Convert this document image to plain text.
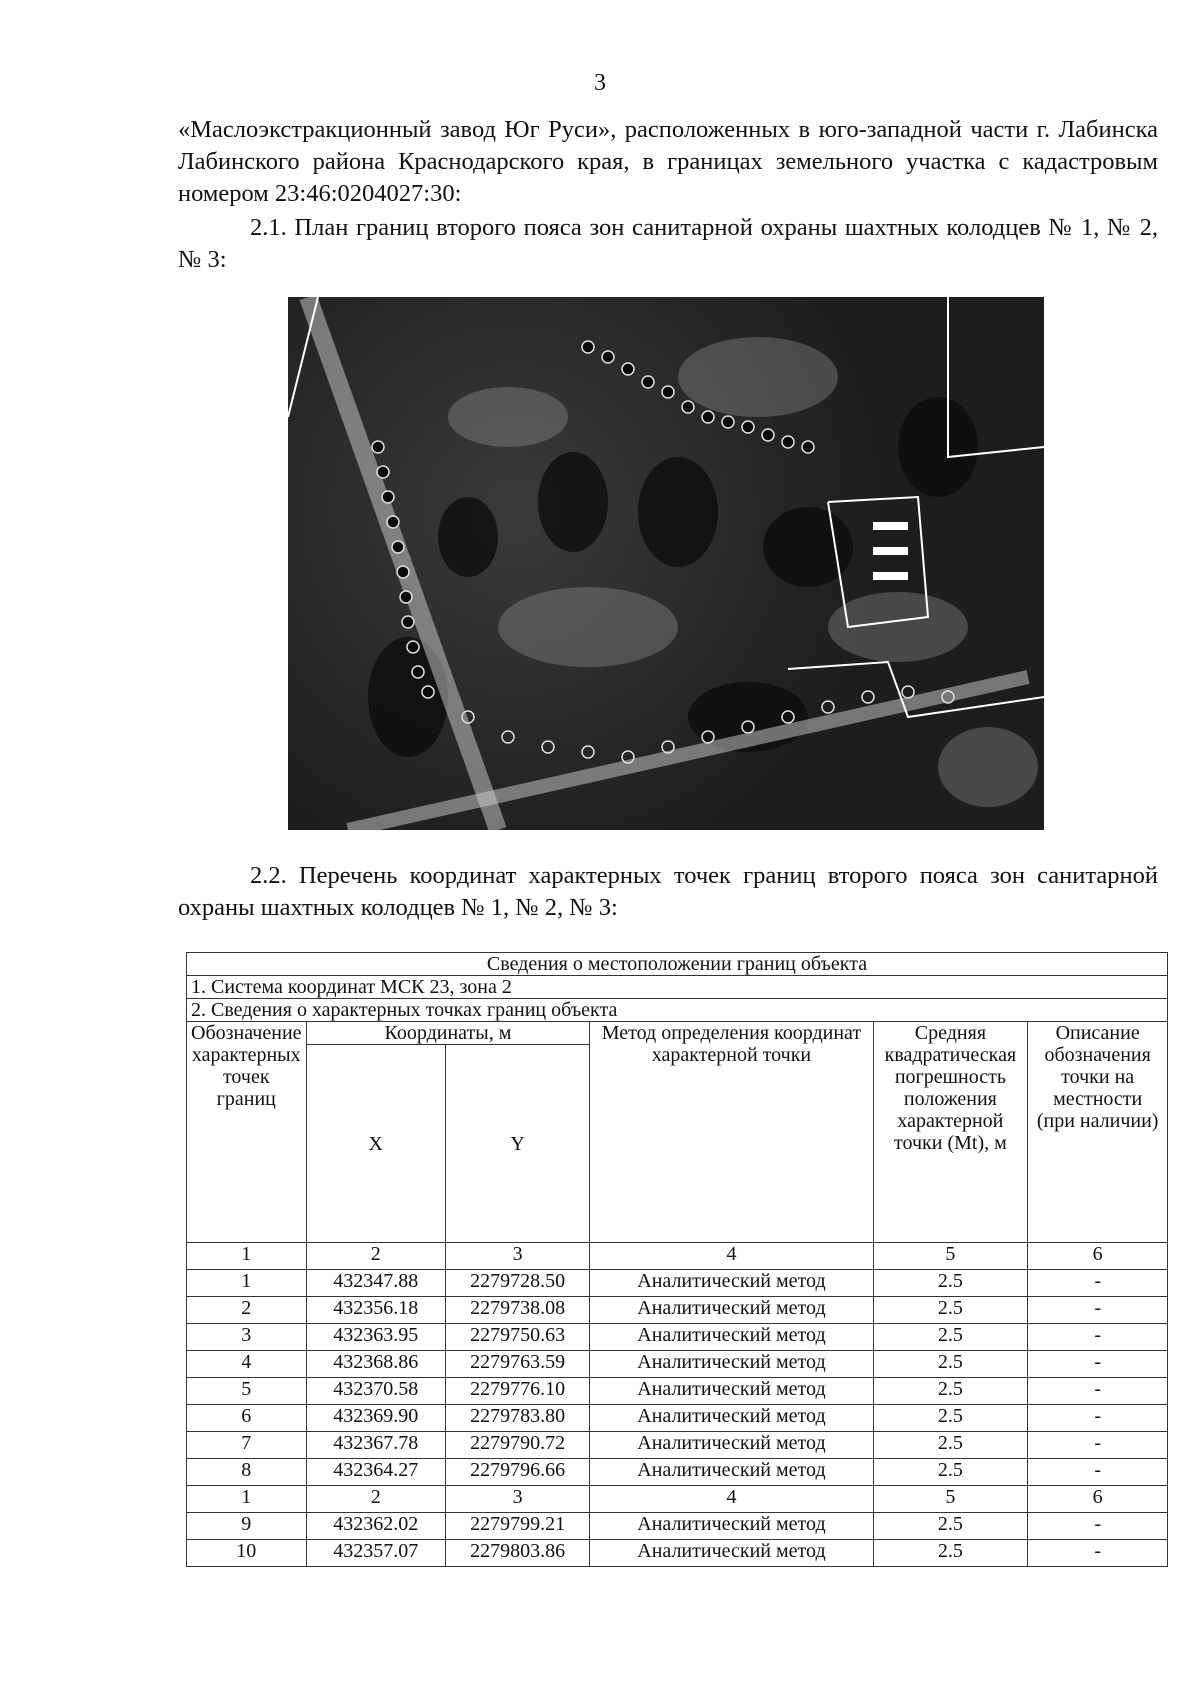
3

«Маслоэкстракционный завод Юг Руси», расположенных в юго-западной части г. Лабинска Лабинского района Краснодарского края, в границах земельного участка с кадастровым номером 23:46:0204027:30:

2.1. План границ второго пояса зон санитарной охраны шахтных колодцев № 1, № 2, № 3:

2.2. Перечень координат характерных точек границ второго пояса зон санитарной охраны шахтных колодцев № 1, № 2, № 3:

Сведения о местоположении границ объекта					
1. Система координат МСК 23, зона 2					
2. Сведения о характерных точках границ объекта					
Обозначение характерных точек границ	Координаты, м		Метод определения координат характерной точки	Средняя квадратическая погрешность положения характерной точки (Mt), м	Описание обозначения точки на местности (при наличии)
	X	Y			
1	2	3	4	5	6
1	432347.88	2279728.50	Аналитический метод	2.5	-
2	432356.18	2279738.08	Аналитический метод	2.5	-
3	432363.95	2279750.63	Аналитический метод	2.5	-
4	432368.86	2279763.59	Аналитический метод	2.5	-
5	432370.58	2279776.10	Аналитический метод	2.5	-
6	432369.90	2279783.80	Аналитический метод	2.5	-
7	432367.78	2279790.72	Аналитический метод	2.5	-
8	432364.27	2279796.66	Аналитический метод	2.5	-
1	2	3	4	5	6
9	432362.02	2279799.21	Аналитический метод	2.5	-
10	432357.07	2279803.86	Аналитический метод	2.5	-
